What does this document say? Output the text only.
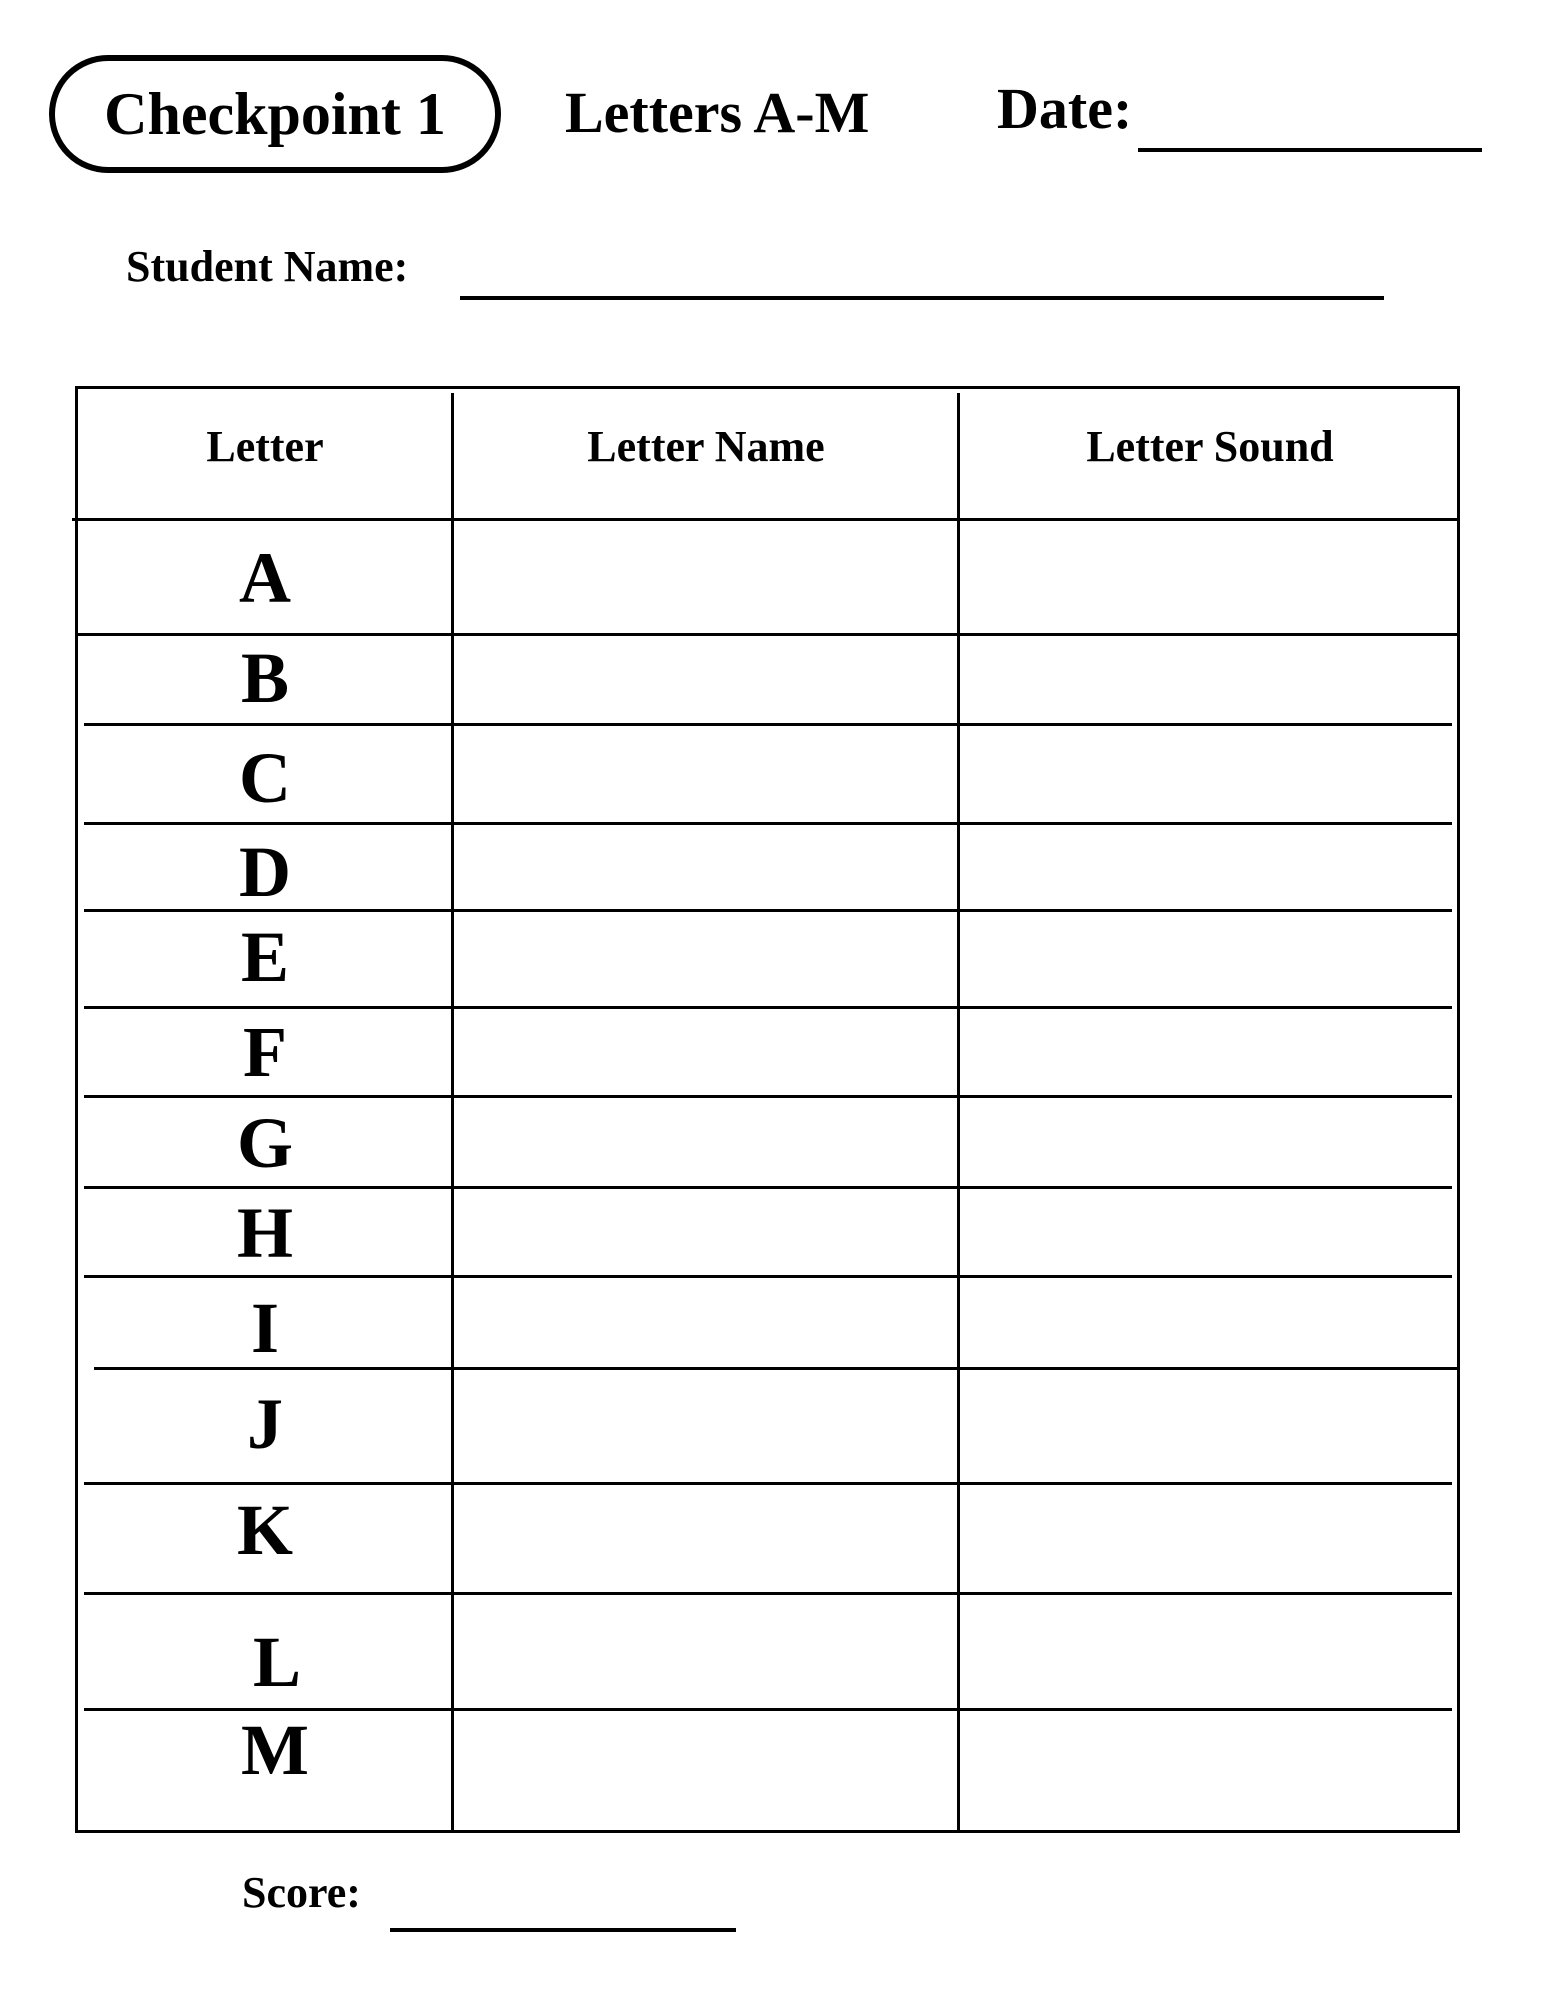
Checkpoint 1 Letters A-M Date:
Student Name:
Letter	Letter Name	Letter Sound
A
B
C
D
E
F
G
H
I
J
K
L
M
Score:
